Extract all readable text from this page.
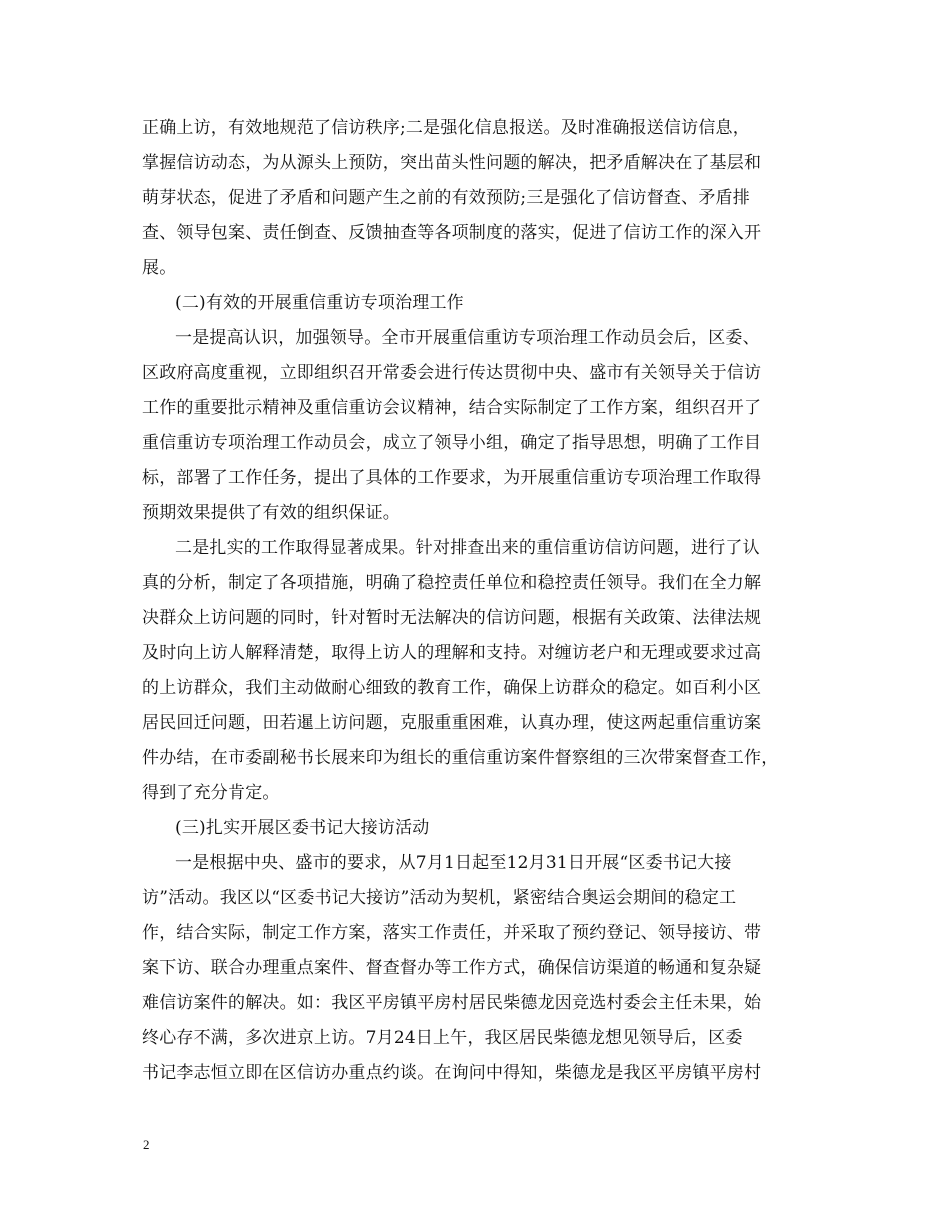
正确上访，有效地规范了信访秩序;二是强化信息报送。及时准确报送信访信息，
掌握信访动态，为从源头上预防，突出苗头性问题的解决，把矛盾解决在了基层和
萌芽状态，促进了矛盾和问题产生之前的有效预防;三是强化了信访督查、矛盾排
查、领导包案、责任倒查、反馈抽查等各项制度的落实，促进了信访工作的深入开
展。
(二)有效的开展重信重访专项治理工作
一是提高认识，加强领导。全市开展重信重访专项治理工作动员会后，区委、
区政府高度重视，立即组织召开常委会进行传达贯彻中央、盛市有关领导关于信访
工作的重要批示精神及重信重访会议精神，结合实际制定了工作方案，组织召开了
重信重访专项治理工作动员会，成立了领导小组，确定了指导思想，明确了工作目
标，部署了工作任务，提出了具体的工作要求，为开展重信重访专项治理工作取得
预期效果提供了有效的组织保证。
二是扎实的工作取得显著成果。针对排查出来的重信重访信访问题，进行了认
真的分析，制定了各项措施，明确了稳控责任单位和稳控责任领导。我们在全力解
决群众上访问题的同时，针对暂时无法解决的信访问题，根据有关政策、法律法规
及时向上访人解释清楚，取得上访人的理解和支持。对缠访老户和无理或要求过高
的上访群众，我们主动做耐心细致的教育工作，确保上访群众的稳定。如百利小区
居民回迁问题，田若暹上访问题，克服重重困难，认真办理，使这两起重信重访案
件办结，在市委副秘书长展来印为组长的重信重访案件督察组的三次带案督查工作，
得到了充分肯定。
(三)扎实开展区委书记大接访活动
一是根据中央、盛市的要求，从7月1日起至12月31日开展“区委书记大接
访”活动。我区以“区委书记大接访”活动为契机，紧密结合奥运会期间的稳定工
作，结合实际，制定工作方案，落实工作责任，并采取了预约登记、领导接访、带
案下访、联合办理重点案件、督查督办等工作方式，确保信访渠道的畅通和复杂疑
难信访案件的解决。如：我区平房镇平房村居民柴德龙因竞选村委会主任未果，始
终心存不满，多次进京上访。7月24日上午，我区居民柴德龙想见领导后，区委
书记李志恒立即在区信访办重点约谈。在询问中得知，柴德龙是我区平房镇平房村
2
